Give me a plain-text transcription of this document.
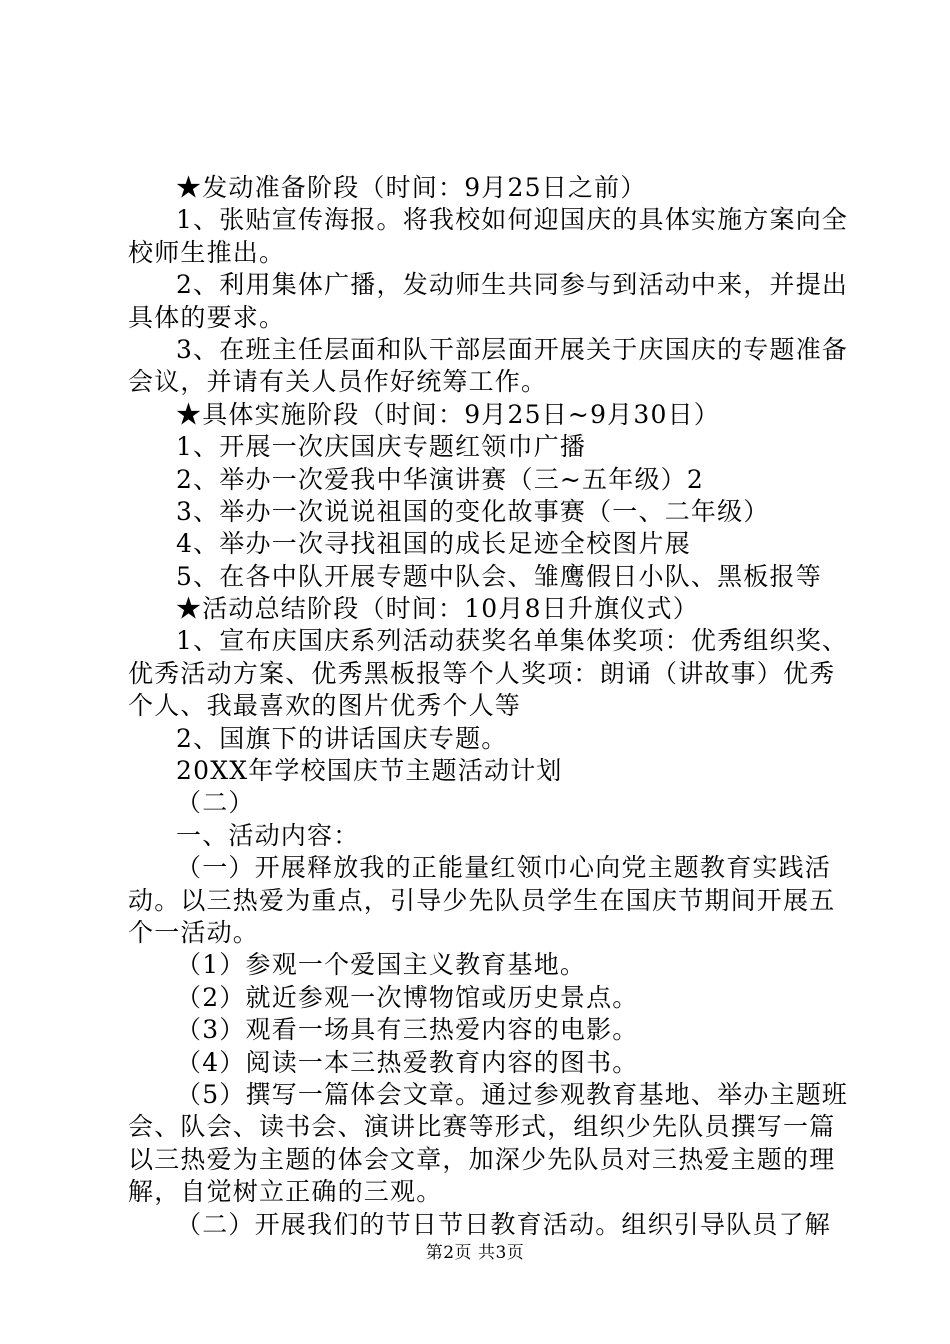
★发动准备阶段（时间：9月25日之前）
1、张贴宣传海报。将我校如何迎国庆的具体实施方案向全
校师生推出。
2、利用集体广播，发动师生共同参与到活动中来，并提出
具体的要求。
3、在班主任层面和队干部层面开展关于庆国庆的专题准备
会议，并请有关人员作好统筹工作。
★具体实施阶段（时间：9月25日~9月30日）
1、开展一次庆国庆专题红领巾广播
2、举办一次爱我中华演讲赛（三~五年级）2
3、举办一次说说祖国的变化故事赛（一、二年级）
4、举办一次寻找祖国的成长足迹全校图片展
5、在各中队开展专题中队会、雏鹰假日小队、黑板报等
★活动总结阶段（时间：10月8日升旗仪式）
1、宣布庆国庆系列活动获奖名单集体奖项：优秀组织奖、
优秀活动方案、优秀黑板报等个人奖项：朗诵（讲故事）优秀
个人、我最喜欢的图片优秀个人等
2、国旗下的讲话国庆专题。
20XX年学校国庆节主题活动计划
（二）
一、活动内容：
（一）开展释放我的正能量红领巾心向党主题教育实践活
动。以三热爱为重点，引导少先队员学生在国庆节期间开展五
个一活动。
（1）参观一个爱国主义教育基地。
（2）就近参观一次博物馆或历史景点。
（3）观看一场具有三热爱内容的电影。
（4）阅读一本三热爱教育内容的图书。
（5）撰写一篇体会文章。通过参观教育基地、举办主题班
会、队会、读书会、演讲比赛等形式，组织少先队员撰写一篇
以三热爱为主题的体会文章，加深少先队员对三热爱主题的理
解，自觉树立正确的三观。
（二）开展我们的节日节日教育活动。组织引导队员了解
第2页 共3页
